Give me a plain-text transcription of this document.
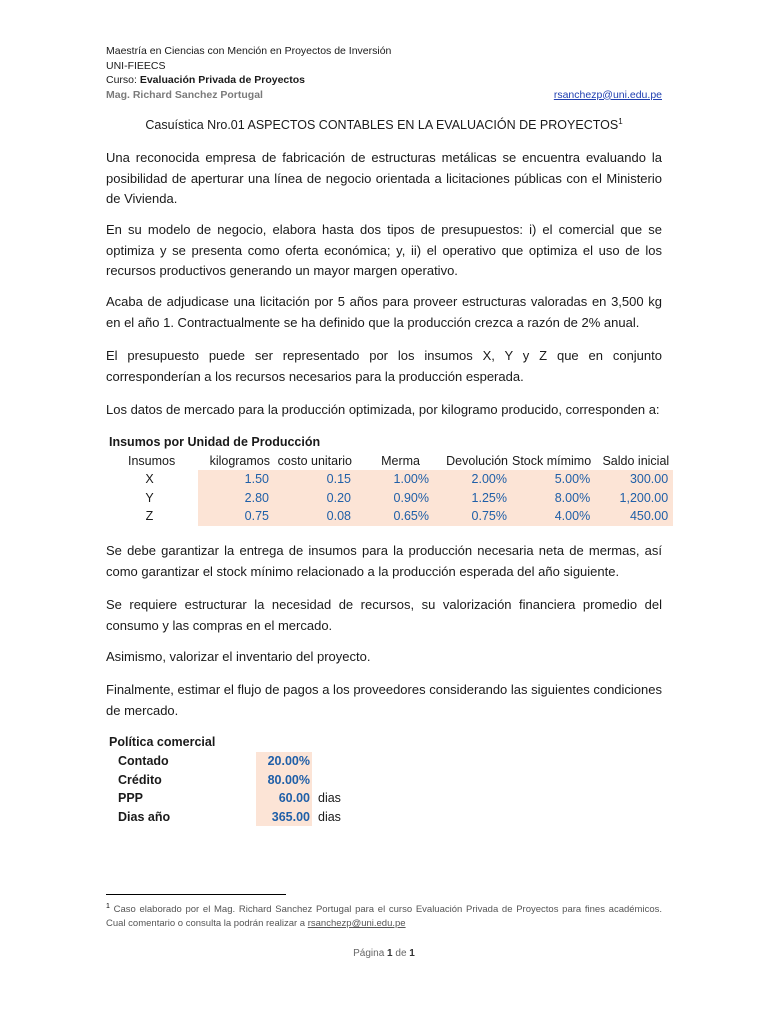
Maestría en Ciencias con Mención en Proyectos de Inversión
UNI-FIEECS
Curso: Evaluación Privada de Proyectos
Mag. Richard Sanchez Portugal	rsanchezp@uni.edu.pe
Casuística Nro.01 ASPECTOS CONTABLES EN LA EVALUACIÓN DE PROYECTOS$^1$
Una reconocida empresa de fabricación de estructuras metálicas se encuentra evaluando la posibilidad de aperturar una línea de negocio orientada a licitaciones públicas con el Ministerio de Vivienda.
En su modelo de negocio, elabora hasta dos tipos de presupuestos: i) el comercial que se optimiza y se presenta como oferta económica; y, ii) el operativo que optimiza el uso de los recursos productivos generando un mayor margen operativo.
Acaba de adjudicase una licitación por 5 años para proveer estructuras valoradas en 3,500 kg en el año 1. Contractualmente se ha definido que la producción crezca a razón de 2% anual.
El presupuesto puede ser representado por los insumos X, Y y Z que en conjunto corresponderían a los recursos necesarios para la producción esperada.
Los datos de mercado para la producción optimizada, por kilogramo producido, corresponden a:
Insumos por Unidad de Producción
Insumos	kilogramos	costo unitario	Merma	Devolución	Stock mímimo	Saldo inicial
X	1.50	0.15	1.00%	2.00%	5.00%	300.00
Y	2.80	0.20	0.90%	1.25%	8.00%	1,200.00
Z	0.75	0.08	0.65%	0.75%	4.00%	450.00
Se debe garantizar la entrega de insumos para la producción necesaria neta de mermas, así como garantizar el stock mínimo relacionado a la producción esperada del año siguiente.
Se requiere estructurar la necesidad de recursos, su valorización financiera promedio del consumo y las compras en el mercado.
Asimismo, valorizar el inventario del proyecto.
Finalmente, estimar el flujo de pagos a los proveedores considerando las siguientes condiciones de mercado.
Política comercial
Contado	20.00%	
Crédito	80.00%	
PPP	60.00	dias
Dias año	365.00	dias
$^1$ Caso elaborado por el Mag. Richard Sanchez Portugal para el curso Evaluación Privada de Proyectos para fines académicos. Cual comentario o consulta la podrán realizar a rsanchezp@uni.edu.pe
Página 1 de 1
